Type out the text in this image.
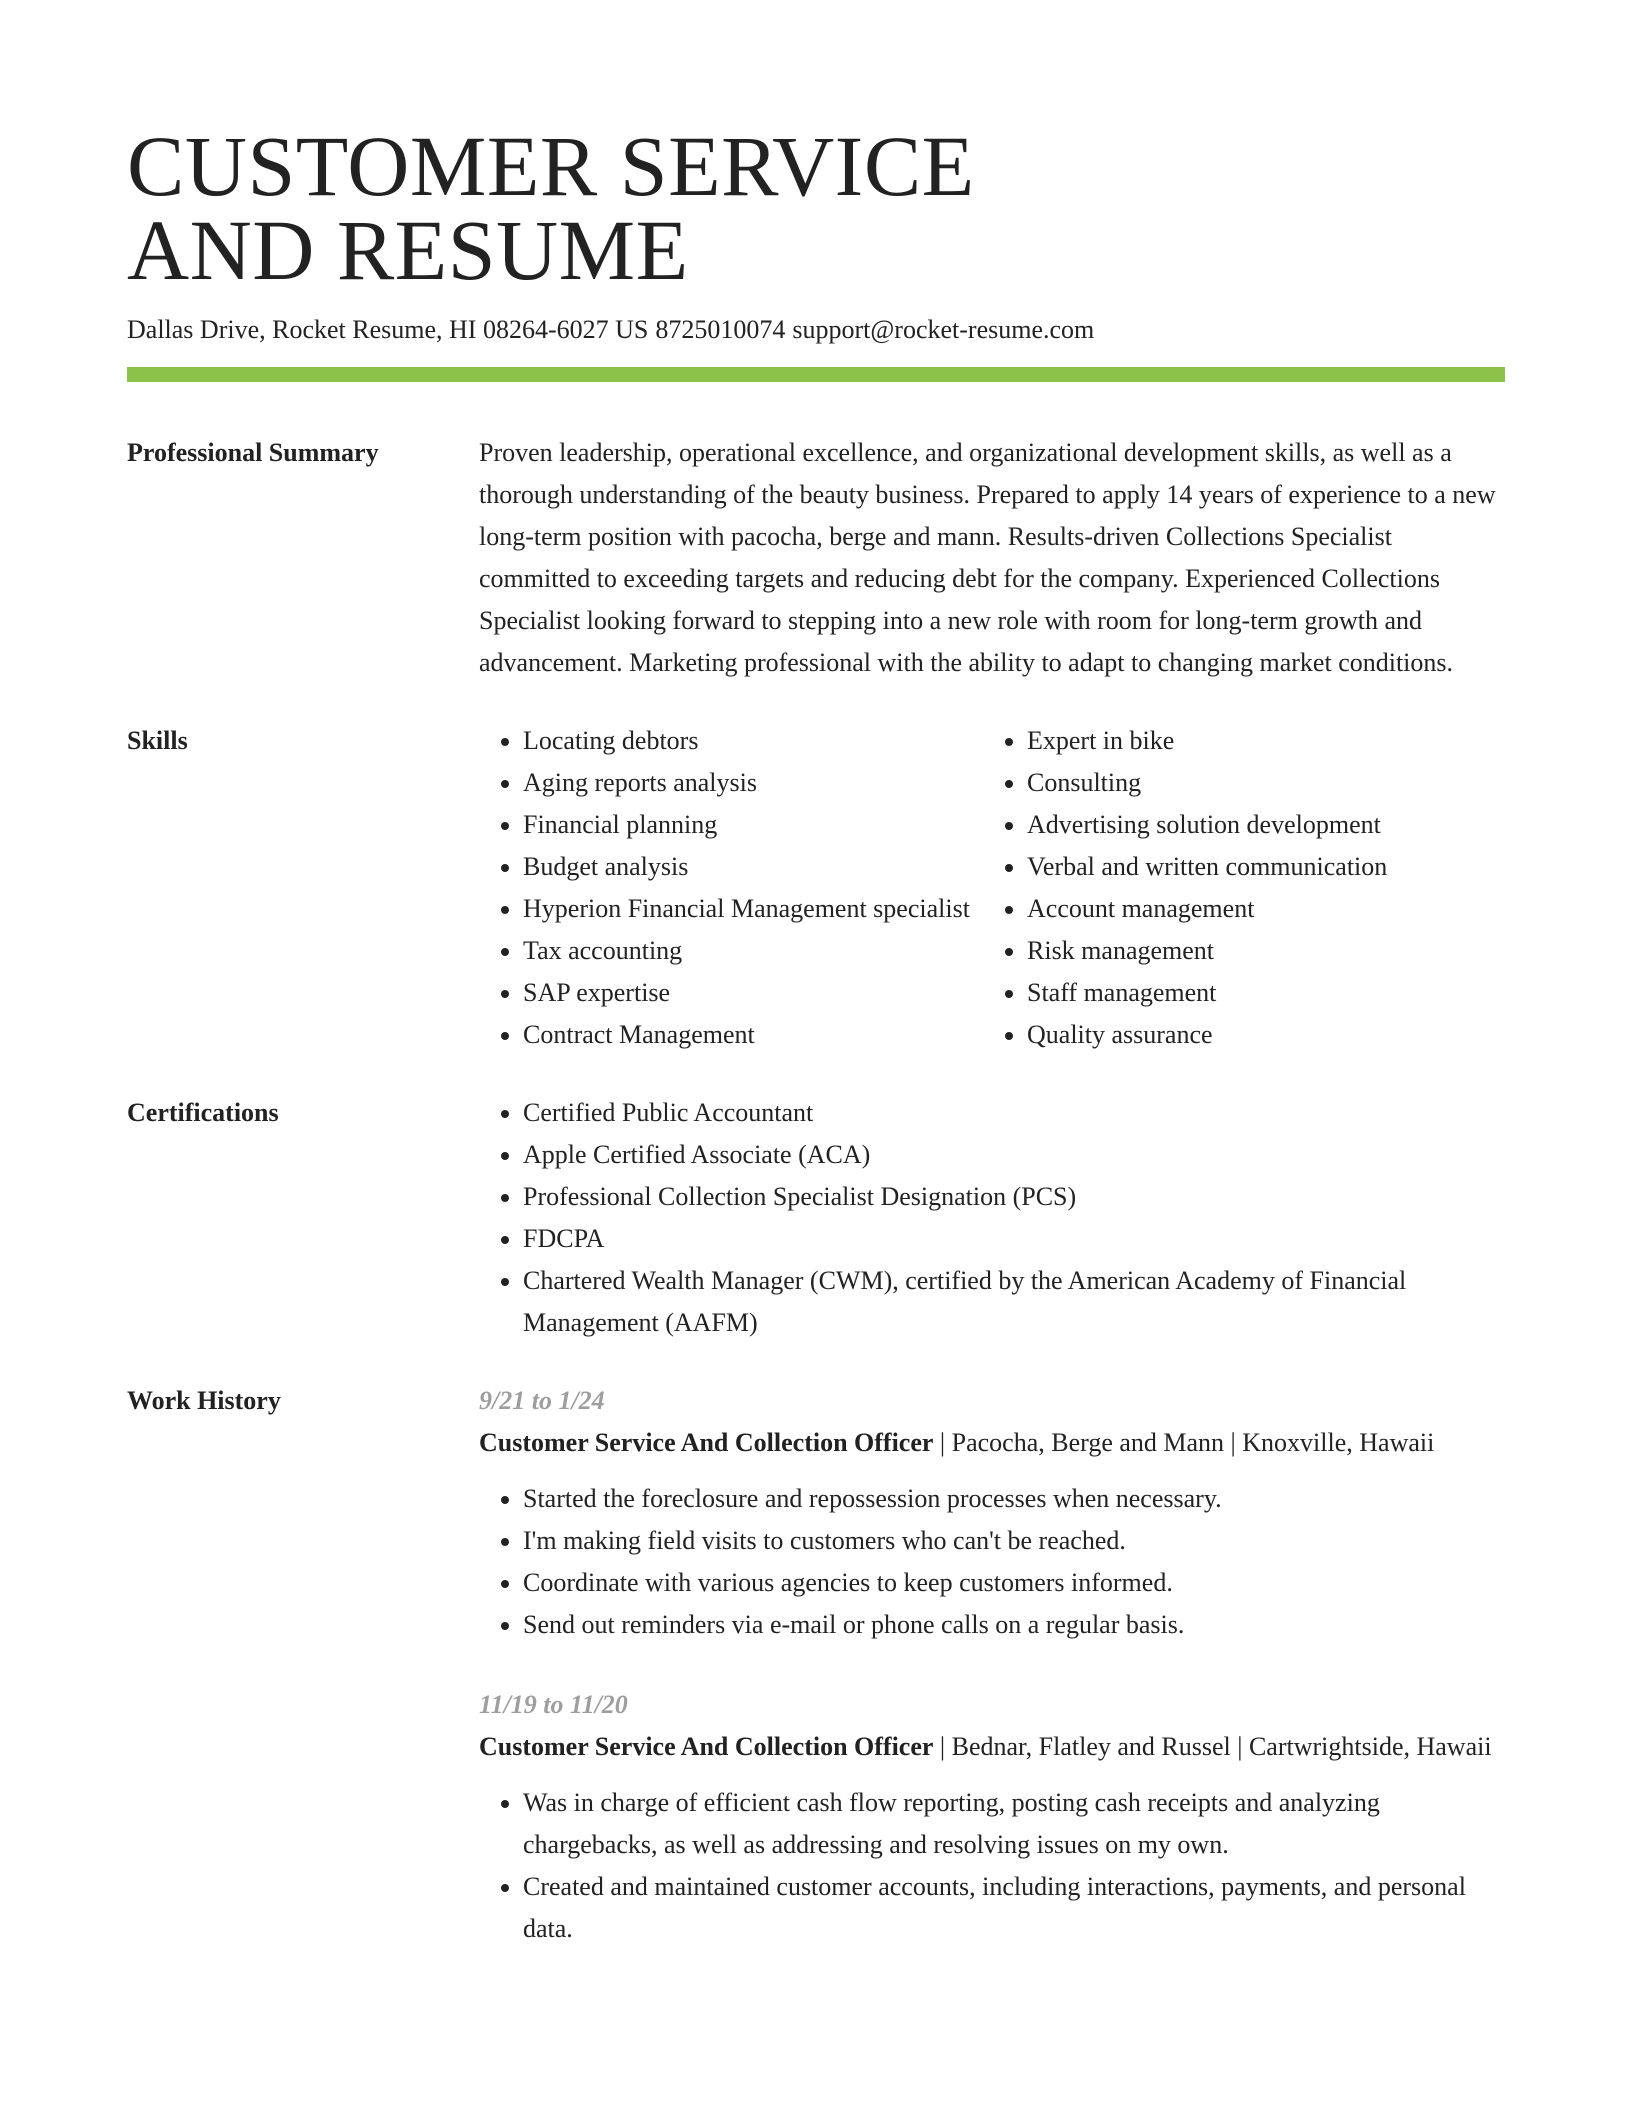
CUSTOMER SERVICE
AND RESUME
Dallas Drive, Rocket Resume, HI 08264-6027 US 8725010074 support@rocket-resume.com
Professional Summary	Proven leadership, operational excellence, and organizational development skills, as well as a thorough understanding of the beauty business. Prepared to apply 14 years of experience to a new long-term position with pacocha, berge and mann. Results-driven Collections Specialist committed to exceeding targets and reducing debt for the company. Experienced Collections Specialist looking forward to stepping into a new role with room for long-term growth and advancement. Marketing professional with the ability to adapt to changing market conditions.

Skills	• Locating debtors
• Aging reports analysis
• Financial planning
• Budget analysis
• Hyperion Financial Management specialist
• Tax accounting
• SAP expertise
• Contract Management
• Expert in bike
• Consulting
• Advertising solution development
• Verbal and written communication
• Account management
• Risk management
• Staff management
• Quality assurance
Certifications	• Certified Public Accountant
• Apple Certified Associate (ACA)
• Professional Collection Specialist Designation (PCS)
• FDCPA
• Chartered Wealth Manager (CWM), certified by the American Academy of Financial Management (AAFM)
Work History	9/21 to 1/24
Customer Service And Collection Officer | Pacocha, Berge and Mann | Knoxville, Hawaii
• Started the foreclosure and repossession processes when necessary.
• I'm making field visits to customers who can't be reached.
• Coordinate with various agencies to keep customers informed.
• Send out reminders via e-mail or phone calls on a regular basis.
11/19 to 11/20
Customer Service And Collection Officer | Bednar, Flatley and Russel | Cartwrightside, Hawaii
• Was in charge of efficient cash flow reporting, posting cash receipts and analyzing chargebacks, as well as addressing and resolving issues on my own.
• Created and maintained customer accounts, including interactions, payments, and personal data.
